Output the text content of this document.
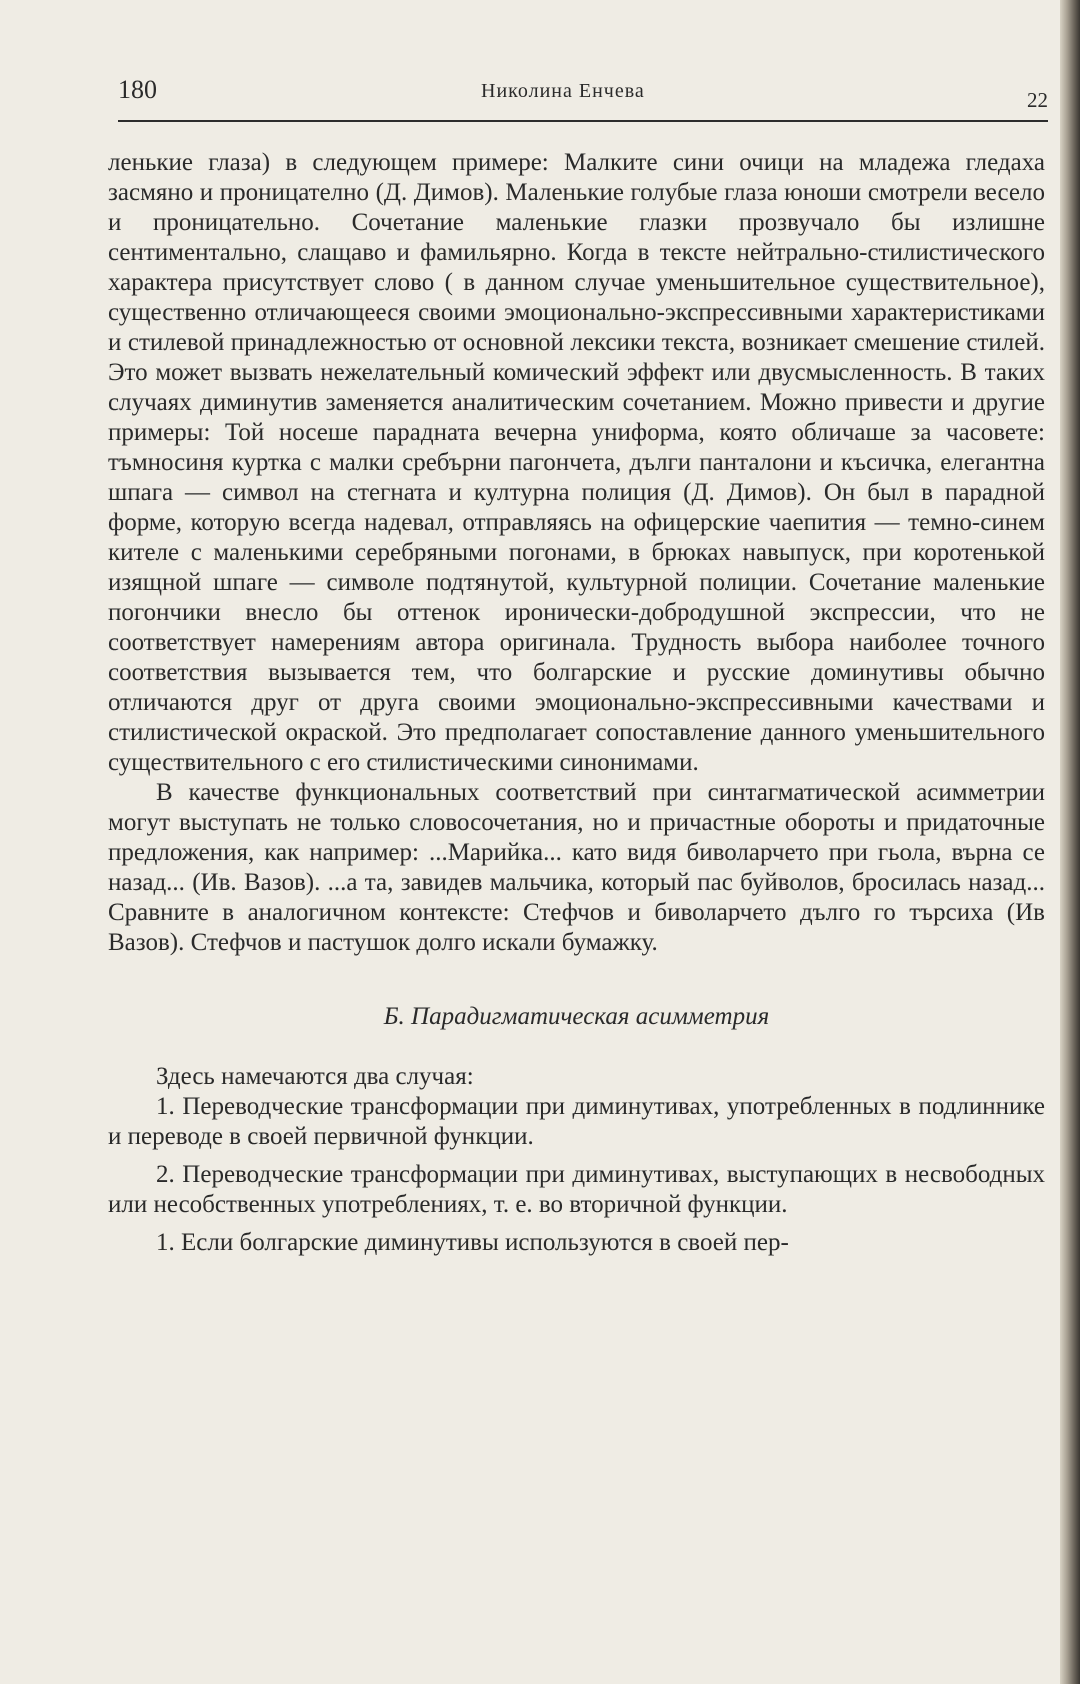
180	Николина Енчева	22

ленькие глаза) в следующем примере: Малките сини очици на младежа гледаха засмяно и проницателно (Д. Димов). Маленькие голубые глаза юноши смотрели весело и проницательно. Сочетание маленькие глазки прозвучало бы излишне сентиментально, слащаво и фамильярно. Когда в тексте нейтрально-стилистического характера присутствует слово ( в данном случае уменьшительное существительное), существенно отличающееся своими эмоционально-экспрессивными характеристиками и стилевой принадлежностью от основной лексики текста, возникает смешение стилей. Это может вызвать нежелательный комический эффект или двусмысленность. В таких случаях диминутив заменяется аналитическим сочетанием. Можно привести и другие примеры: Той носеше парадната вечерна униформа, която обличаше за часовете: тъмносиня куртка с малки сребърни пагончета, дълги панталони и късичка, елегантна шпага — символ на стегната и културна полиция (Д. Димов). Он был в парадной форме, которую всегда надевал, отправляясь на офицерские чаепития — темно-синем кителе с маленькими серебряными погонами, в брюках навыпуск, при коротенькой изящной шпаге — символе подтянутой, культурной полиции. Сочетание маленькие погончики внесло бы оттенок иронически-добродушной экспрессии, что не соответствует намерениям автора оригинала. Трудность выбора наиболее точного соответствия вызывается тем, что болгарские и русские доминутивы обычно отличаются друг от друга своими эмоционально-экспрессивными качествами и стилистической окраской. Это предполагает сопоставление данного уменьшительного существительного с его стилистическими синонимами.

В качестве функциональных соответствий при синтагматической асимметрии могут выступать не только словосочетания, но и причастные обороты и придаточные предложения, как например: ...Марийка... като видя биволарчето при гьола, върна се назад... (Ив. Вазов). ...а та, завидев мальчика, который пас буйволов, бросилась назад... Сравните в аналогичном контексте: Стефчов и биволарчето дълго го търсиха (Ив Вазов). Стефчов и пастушок долго искали бумажку.

Б. Парадигматическая асимметрия

Здесь намечаются два случая:

1. Переводческие трансформации при диминутивах, употребленных в подлиннике и переводе в своей первичной функции.

2. Переводческие трансформации при диминутивах, выступающих в несвободных или несобственных употреблениях, т. е. во вторичной функции.

1. Если болгарские диминутивы используются в своей пер-
